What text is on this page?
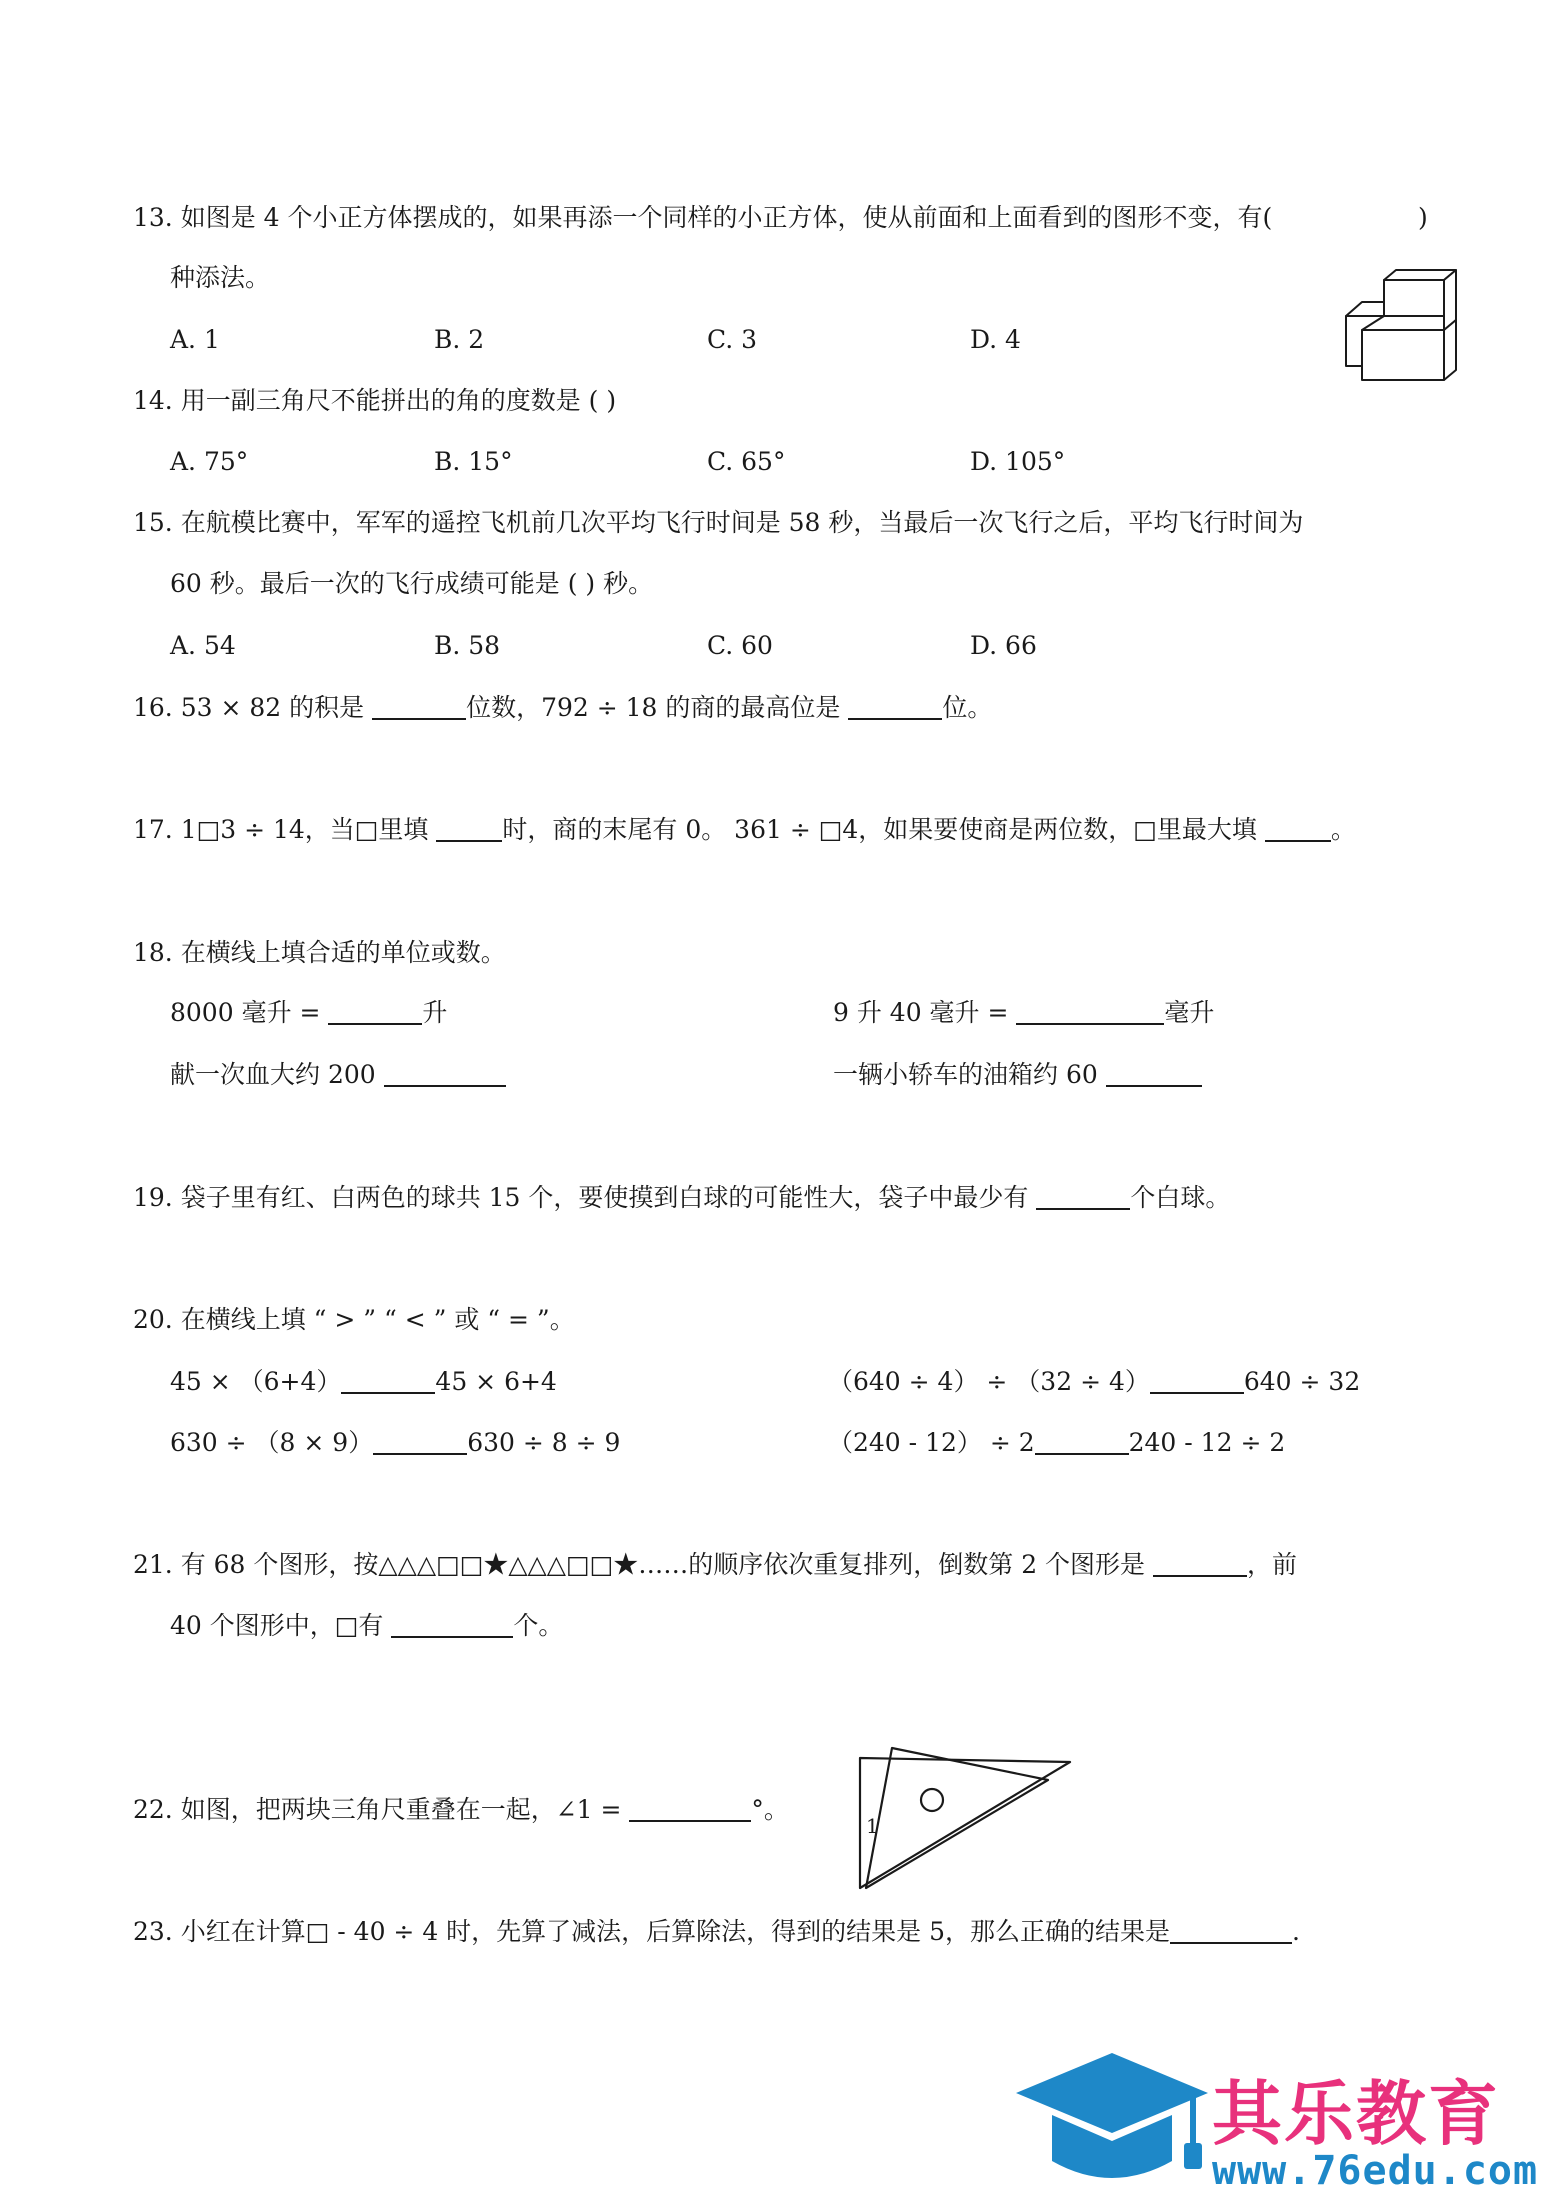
13. 如图是 4 个小正方体摆成的，如果再添一个同样的小正方体，使从前面和上面看到的图形不变，有(	)
种添法。
A. 1	B. 2	C. 3	D. 4
14. 用一副三角尺不能拼出的角的度数是 ( )
A. 75°	B. 15°	C. 65°	D. 105°
15. 在航模比赛中，军军的遥控飞机前几次平均飞行时间是 58 秒，当最后一次飞行之后，平均飞行时间为
60 秒。最后一次的飞行成绩可能是 ( ) 秒。
A. 54	B. 58	C. 60	D. 66
16. 53 × 82 的积是	位数，792 ÷ 18 的商的最高位是	位。
17. 1□3 ÷ 14，当□里填	时，商的末尾有 0。 361 ÷ □4，如果要使商是两位数，□里最大填	。
18. 在横线上填合适的单位或数。
8000 毫升 =	升	9 升 40 毫升 =	毫升
献一次血大约 200	一辆小轿车的油箱约 60
19. 袋子里有红、白两色的球共 15 个，要使摸到白球的可能性大，袋子中最少有	个白球。
20. 在横线上填 “ > ” “ < ” 或 “ = ”。
45 × （6+4）	45 × 6+4	（640 ÷ 4） ÷ （32 ÷ 4）	640 ÷ 32
630 ÷ （8 × 9）	630 ÷ 8 ÷ 9	（240 - 12） ÷ 2	240 - 12 ÷ 2
21. 有 68 个图形，按△△△□□★△△△□□★……的顺序依次重复排列，倒数第 2 个图形是	，前
40 个图形中，□有	个。
22. 如图，把两块三角尺重叠在一起，∠1 =	°。
1
23. 小红在计算□ - 40 ÷ 4 时，先算了减法，后算除法，得到的结果是 5，那么正确的结果是	.
其乐教育
www.76edu.com
